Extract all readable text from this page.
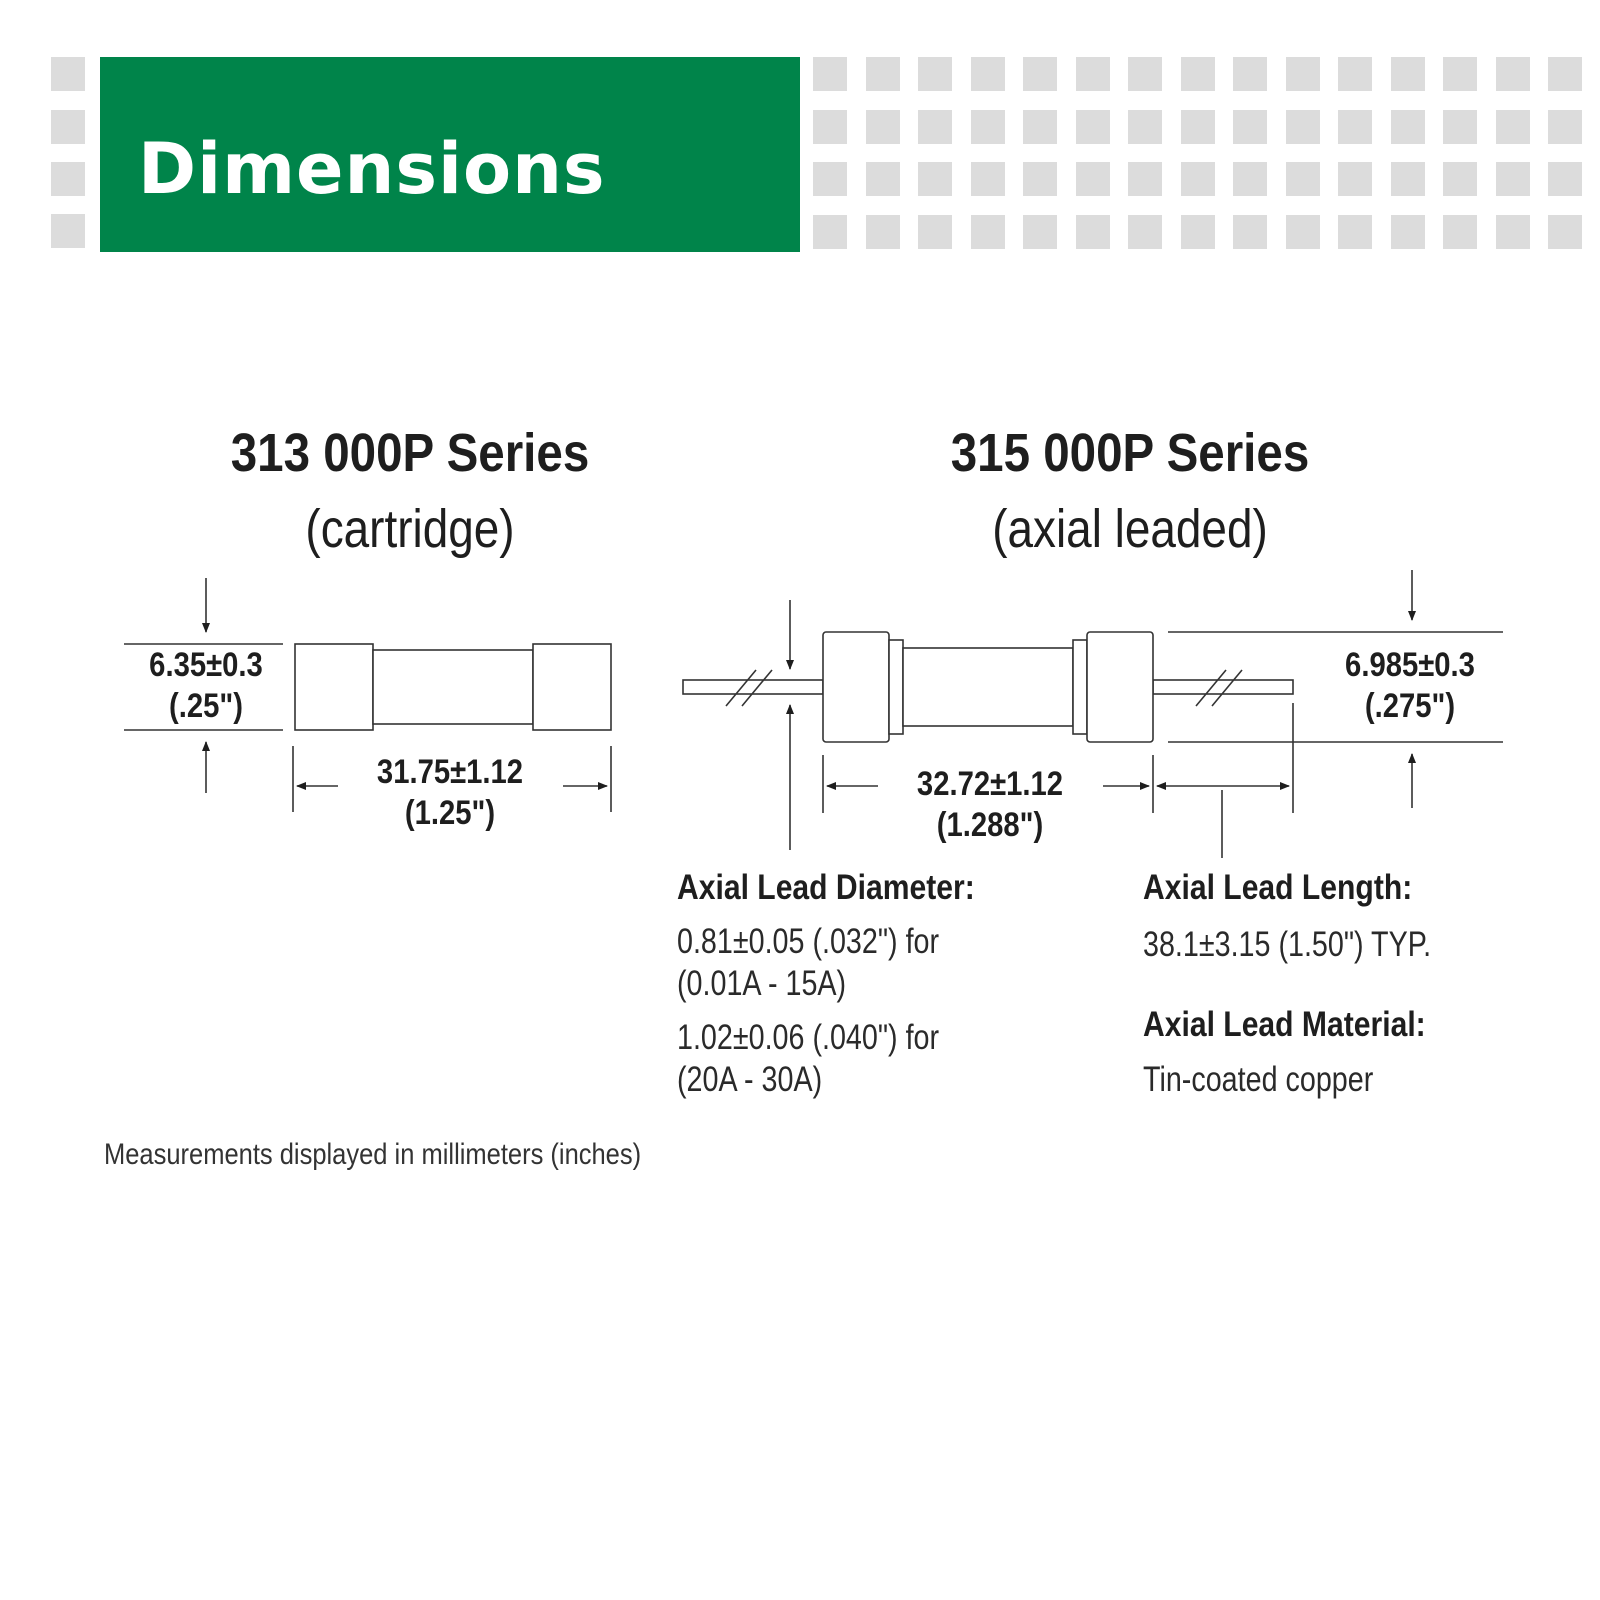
Dimensions
313 000P Series
(cartridge)
315 000P Series
(axial leaded)
6.35±0.3
(.25")
31.75±1.12
(1.25")
6.985±0.3
(.275")
32.72±1.12
(1.288")
Axial Lead Diameter:
0.81±0.05 (.032") for
(0.01A - 15A)
1.02±0.06 (.040") for
(20A - 30A)
Axial Lead Length:
38.1±3.15 (1.50") TYP.
Axial Lead Material:
Tin-coated copper
Measurements displayed in millimeters (inches)
